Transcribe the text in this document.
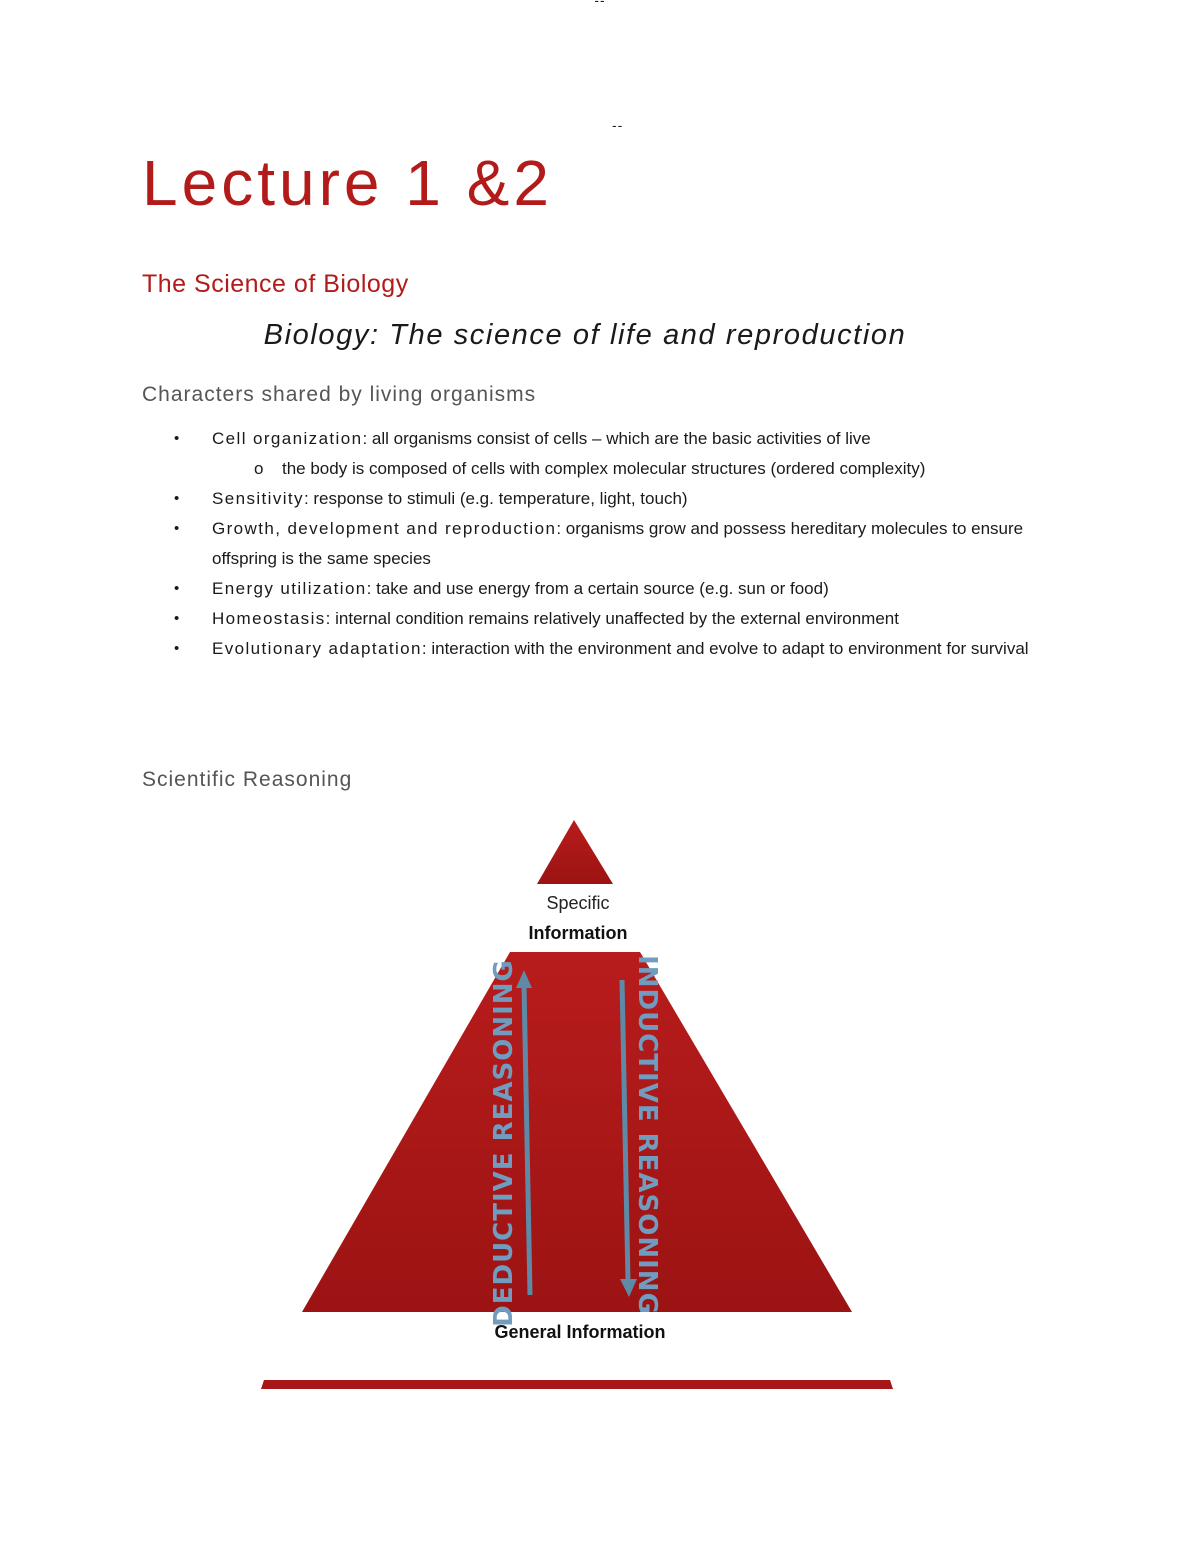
--
--
Lecture 1 &2
The Science of Biology

Biology: The science of life and reproduction

Characters shared by living organisms
• Cell organization: all organisms consist of cells – which are the basic activities of live
o the body is composed of cells with complex molecular structures (ordered complexity)
• Sensitivity: response to stimuli (e.g. temperature, light, touch)
• Growth, development and reproduction: organisms grow and possess hereditary molecules to ensure offspring is the same species
• Energy utilization: take and use energy from a certain source (e.g. sun or food)
• Homeostasis: internal condition remains relatively unaffected by the external environment
• Evolutionary adaptation: interaction with the environment and evolve to adapt to environment for survival
Scientific Reasoning
DEDUCTIVE REASONING	INDUCTIVE REASONING
Specific
Information
General Information
